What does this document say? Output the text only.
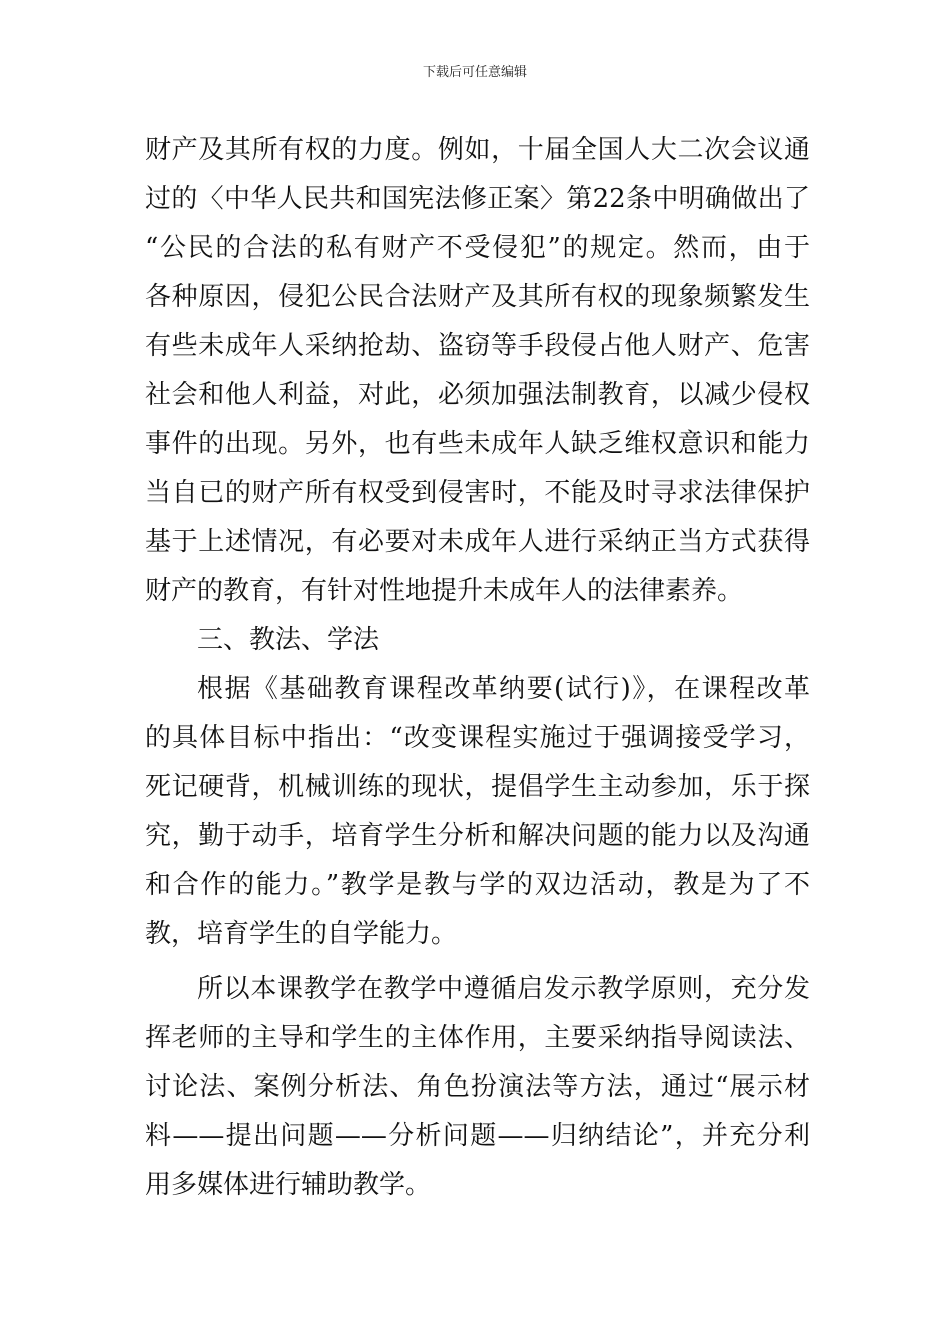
下载后可任意编辑
财产及其所有权的力度。例如，十届全国人大二次会议通
过的〈中华人民共和国宪法修正案〉第22条中明确做出了
“公民的合法的私有财产不受侵犯”的规定。然而，由于
各种原因，侵犯公民合法财产及其所有权的现象频繁发生
有些未成年人采纳抢劫、盗窃等手段侵占他人财产、危害
社会和他人利益，对此，必须加强法制教育，以减少侵权
事件的出现。另外，也有些未成年人缺乏维权意识和能力
当自已的财产所有权受到侵害时，不能及时寻求法律保护
基于上述情况，有必要对未成年人进行采纳正当方式获得
财产的教育，有针对性地提升未成年人的法律素养。
三、教法、学法
根据《基础教育课程改革纳要(试行)》，在课程改革
的具体目标中指出：“改变课程实施过于强调接受学习，
死记硬背，机械训练的现状，提倡学生主动参加，乐于探
究，勤于动手，培育学生分析和解决问题的能力以及沟通
和合作的能力。”教学是教与学的双边活动，教是为了不
教，培育学生的自学能力。
所以本课教学在教学中遵循启发示教学原则，充分发
挥老师的主导和学生的主体作用，主要采纳指导阅读法、
讨论法、案例分析法、角色扮演法等方法，通过“展示材
料——提出问题——分析问题——归纳结论”，并充分利
用多媒体进行辅助教学。
